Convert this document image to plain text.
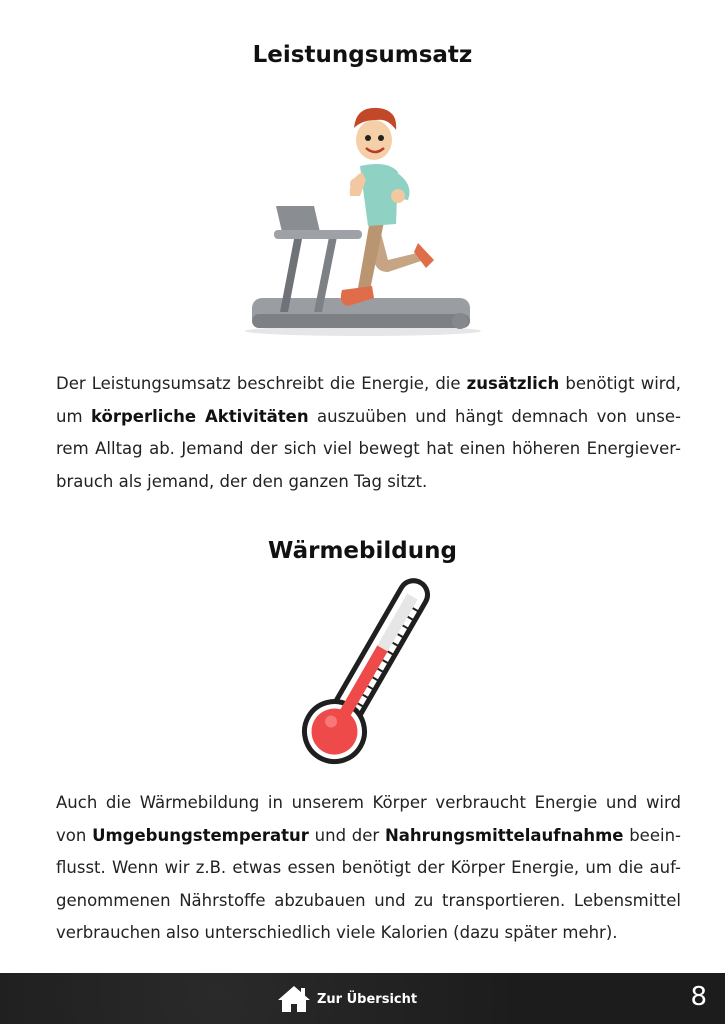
Leistungsumsatz

Der Leistungsumsatz beschreibt die Energie, die zusätzlich benötigt wird, um körperliche Aktivitäten auszuüben und hängt demnach von unse-rem Alltag ab. Jemand der sich viel bewegt hat einen höheren Energiever-brauch als jemand, der den ganzen Tag sitzt.

Wärmebildung

Auch die Wärmebildung in unserem Körper verbraucht Energie und wird von Umgebungstemperatur und der Nahrungsmittelaufnahme beein-flusst. Wenn wir z.B. etwas essen benötigt der Körper Energie, um die auf-genommenen Nährstoffe abzubauen und zu transportieren. Lebensmittel verbrauchen also unterschiedlich viele Kalorien (dazu später mehr).

Zur Übersicht	8
